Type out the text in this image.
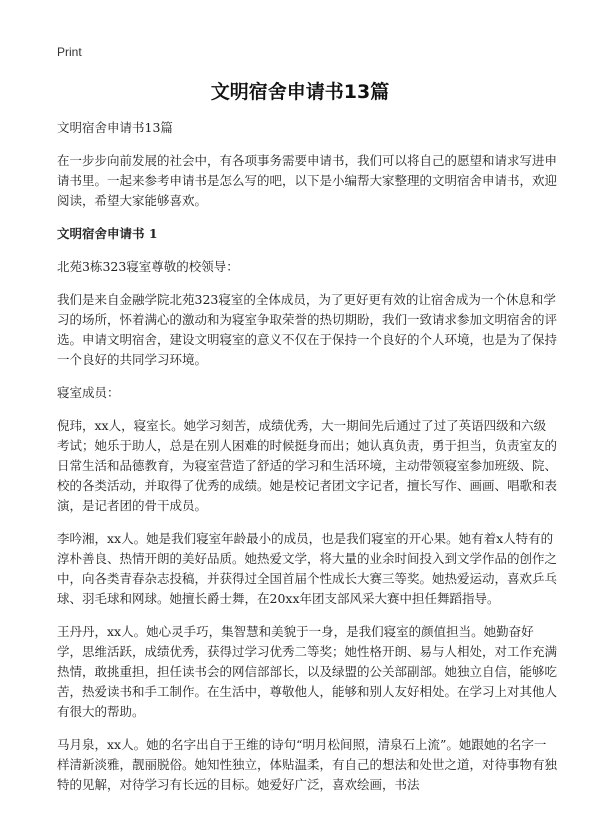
Print
文明宿舍申请书13篇

文明宿舍申请书13篇

在一步步向前发展的社会中，有各项事务需要申请书，我们可以将自己的愿望和请求写进申请书里。一起来参考申请书是怎么写的吧，以下是小编帮大家整理的文明宿舍申请书，欢迎阅读，希望大家能够喜欢。

文明宿舍申请书 1

北苑3栋323寝室尊敬的校领导：

我们是来自金融学院北苑323寝室的全体成员，为了更好更有效的让宿舍成为一个休息和学习的场所，怀着满心的激动和为寝室争取荣誉的热切期盼，我们一致请求参加文明宿舍的评选。申请文明宿舍，建设文明寝室的意义不仅在于保持一个良好的个人环境，也是为了保持一个良好的共同学习环境。

寝室成员：

倪玮，xx人，寝室长。她学习刻苦，成绩优秀，大一期间先后通过了过了英语四级和六级考试；她乐于助人，总是在别人困难的时候挺身而出；她认真负责，勇于担当，负责室友的日常生活和品德教育，为寝室营造了舒适的学习和生活环境，主动带领寝室参加班级、院、校的各类活动，并取得了优秀的成绩。她是校记者团文字记者，擅长写作、画画、唱歌和表演，是记者团的骨干成员。

李吟湘，xx人。她是我们寝室年龄最小的成员，也是我们寝室的开心果。她有着x人特有的淳朴善良、热情开朗的美好品质。她热爱文学，将大量的业余时间投入到文学作品的创作之中，向各类青春杂志投稿，并获得过全国首届个性成长大赛三等奖。她热爱运动，喜欢乒乓球、羽毛球和网球。她擅长爵士舞，在20xx年团支部风采大赛中担任舞蹈指导。

王丹丹，xx人。她心灵手巧，集智慧和美貌于一身，是我们寝室的颜值担当。她勤奋好学，思维活跃，成绩优秀，获得过学习优秀二等奖；她性格开朗、易与人相处，对工作充满热情，敢挑重担，担任读书会的网信部部长，以及绿盟的公关部副部。她独立自信，能够吃苦，热爱读书和手工制作。在生活中，尊敬他人，能够和别人友好相处。在学习上对其他人有很大的帮助。

马月泉，xx人。她的名字出自于王维的诗句“明月松间照，清泉石上流”。她跟她的名字一样清新淡雅，靓丽脱俗。她知性独立，体贴温柔，有自己的想法和处世之道，对待事物有独特的见解，对待学习有长远的目标。她爱好广泛，喜欢绘画，书法
